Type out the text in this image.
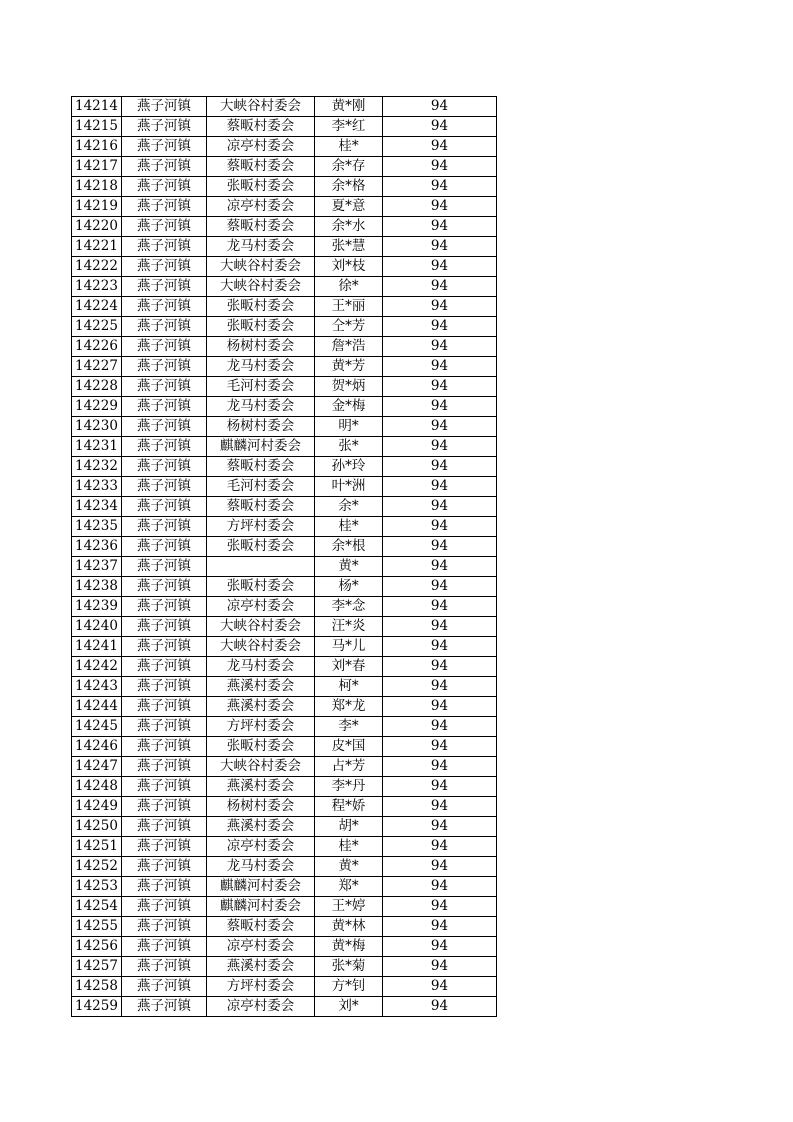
14214	燕子河镇	大峡谷村委会	黄*刚	94
14215	燕子河镇	蔡畈村委会	李*红	94
14216	燕子河镇	凉亭村委会	桂*	94
14217	燕子河镇	蔡畈村委会	余*存	94
14218	燕子河镇	张畈村委会	余*格	94
14219	燕子河镇	凉亭村委会	夏*意	94
14220	燕子河镇	蔡畈村委会	余*水	94
14221	燕子河镇	龙马村委会	张*慧	94
14222	燕子河镇	大峡谷村委会	刘*枝	94
14223	燕子河镇	大峡谷村委会	徐*	94
14224	燕子河镇	张畈村委会	王*丽	94
14225	燕子河镇	张畈村委会	仝*芳	94
14226	燕子河镇	杨树村委会	詹*浩	94
14227	燕子河镇	龙马村委会	黄*芳	94
14228	燕子河镇	毛河村委会	贺*炳	94
14229	燕子河镇	龙马村委会	金*梅	94
14230	燕子河镇	杨树村委会	明*	94
14231	燕子河镇	麒麟河村委会	张*	94
14232	燕子河镇	蔡畈村委会	孙*玲	94
14233	燕子河镇	毛河村委会	叶*洲	94
14234	燕子河镇	蔡畈村委会	余*	94
14235	燕子河镇	方坪村委会	桂*	94
14236	燕子河镇	张畈村委会	余*根	94
14237	燕子河镇		黄*	94
14238	燕子河镇	张畈村委会	杨*	94
14239	燕子河镇	凉亭村委会	李*念	94
14240	燕子河镇	大峡谷村委会	汪*炎	94
14241	燕子河镇	大峡谷村委会	马*儿	94
14242	燕子河镇	龙马村委会	刘*春	94
14243	燕子河镇	燕溪村委会	柯*	94
14244	燕子河镇	燕溪村委会	郑*龙	94
14245	燕子河镇	方坪村委会	李*	94
14246	燕子河镇	张畈村委会	皮*国	94
14247	燕子河镇	大峡谷村委会	占*芳	94
14248	燕子河镇	燕溪村委会	李*丹	94
14249	燕子河镇	杨树村委会	程*娇	94
14250	燕子河镇	燕溪村委会	胡*	94
14251	燕子河镇	凉亭村委会	桂*	94
14252	燕子河镇	龙马村委会	黄*	94
14253	燕子河镇	麒麟河村委会	郑*	94
14254	燕子河镇	麒麟河村委会	王*婷	94
14255	燕子河镇	蔡畈村委会	黄*林	94
14256	燕子河镇	凉亭村委会	黄*梅	94
14257	燕子河镇	燕溪村委会	张*菊	94
14258	燕子河镇	方坪村委会	方*钊	94
14259	燕子河镇	凉亭村委会	刘*	94
